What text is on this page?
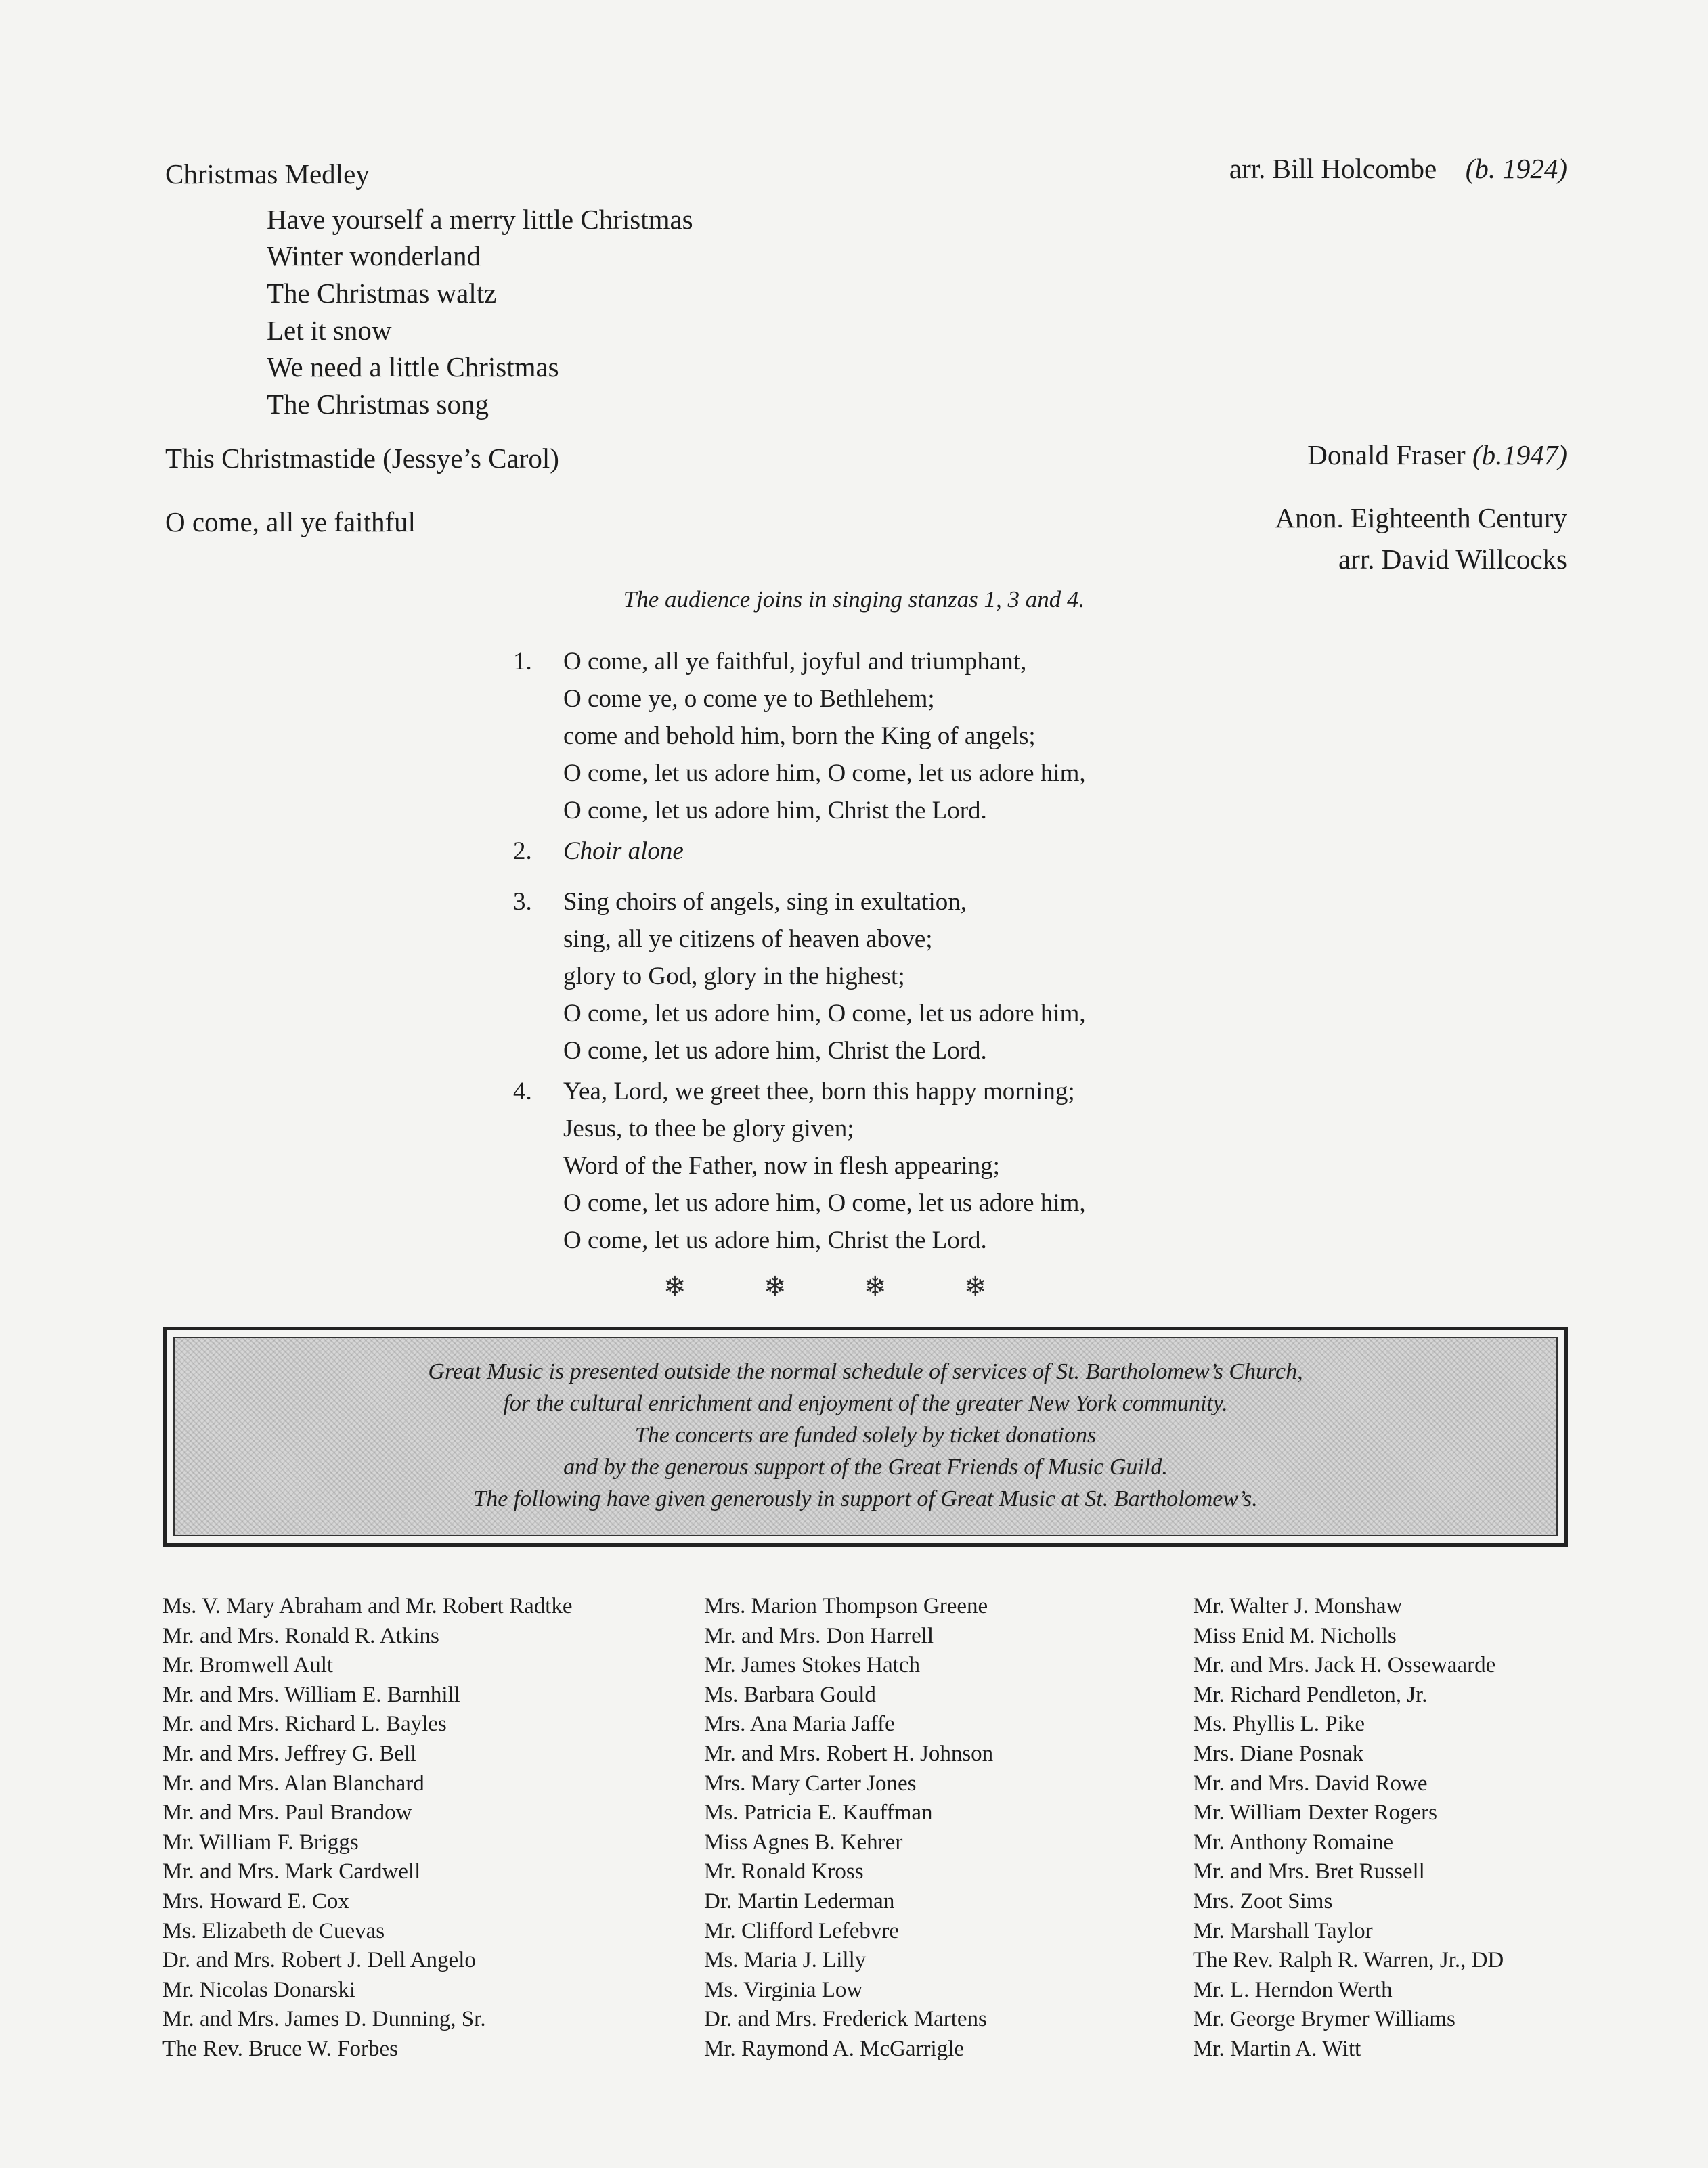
Christmas Medley	arr. Bill Holcombe (b. 1924)
Have yourself a merry little Christmas
Winter wonderland
The Christmas waltz
Let it snow
We need a little Christmas
The Christmas song
This Christmastide (Jessye’s Carol)	Donald Fraser (b.1947)
O come, all ye faithful	Anon. Eighteenth Century
arr. David Willcocks
The audience joins in singing stanzas 1, 3 and 4.
1. O come, all ye faithful, joyful and triumphant,
O come ye, o come ye to Bethlehem;
come and behold him, born the King of angels;
O come, let us adore him, O come, let us adore him,
O come, let us adore him, Christ the Lord.
2. Choir alone
3. Sing choirs of angels, sing in exultation,
sing, all ye citizens of heaven above;
glory to God, glory in the highest;
O come, let us adore him, O come, let us adore him,
O come, let us adore him, Christ the Lord.
4. Yea, Lord, we greet thee, born this happy morning;
Jesus, to thee be glory given;
Word of the Father, now in flesh appearing;
O come, let us adore him, O come, let us adore him,
O come, let us adore him, Christ the Lord.
❄	❄	❄	❄
Great Music is presented outside the normal schedule of services of St. Bartholomew’s Church,
for the cultural enrichment and enjoyment of the greater New York community.
The concerts are funded solely by ticket donations
and by the generous support of the Great Friends of Music Guild.
The following have given generously in support of Great Music at St. Bartholomew’s.
Ms. V. Mary Abraham and Mr. Robert Radtke
Mr. and Mrs. Ronald R. Atkins
Mr. Bromwell Ault
Mr. and Mrs. William E. Barnhill
Mr. and Mrs. Richard L. Bayles
Mr. and Mrs. Jeffrey G. Bell
Mr. and Mrs. Alan Blanchard
Mr. and Mrs. Paul Brandow
Mr. William F. Briggs
Mr. and Mrs. Mark Cardwell
Mrs. Howard E. Cox
Ms. Elizabeth de Cuevas
Dr. and Mrs. Robert J. Dell Angelo
Mr. Nicolas Donarski
Mr. and Mrs. James D. Dunning, Sr.
The Rev. Bruce W. Forbes
Mrs. Marion Thompson Greene
Mr. and Mrs. Don Harrell
Mr. James Stokes Hatch
Ms. Barbara Gould
Mrs. Ana Maria Jaffe
Mr. and Mrs. Robert H. Johnson
Mrs. Mary Carter Jones
Ms. Patricia E. Kauffman
Miss Agnes B. Kehrer
Mr. Ronald Kross
Dr. Martin Lederman
Mr. Clifford Lefebvre
Ms. Maria J. Lilly
Ms. Virginia Low
Dr. and Mrs. Frederick Martens
Mr. Raymond A. McGarrigle
Mr. Walter J. Monshaw
Miss Enid M. Nicholls
Mr. and Mrs. Jack H. Ossewaarde
Mr. Richard Pendleton, Jr.
Ms. Phyllis L. Pike
Mrs. Diane Posnak
Mr. and Mrs. David Rowe
Mr. William Dexter Rogers
Mr. Anthony Romaine
Mr. and Mrs. Bret Russell
Mrs. Zoot Sims
Mr. Marshall Taylor
The Rev. Ralph R. Warren, Jr., DD
Mr. L. Herndon Werth
Mr. George Brymer Williams
Mr. Martin A. Witt
